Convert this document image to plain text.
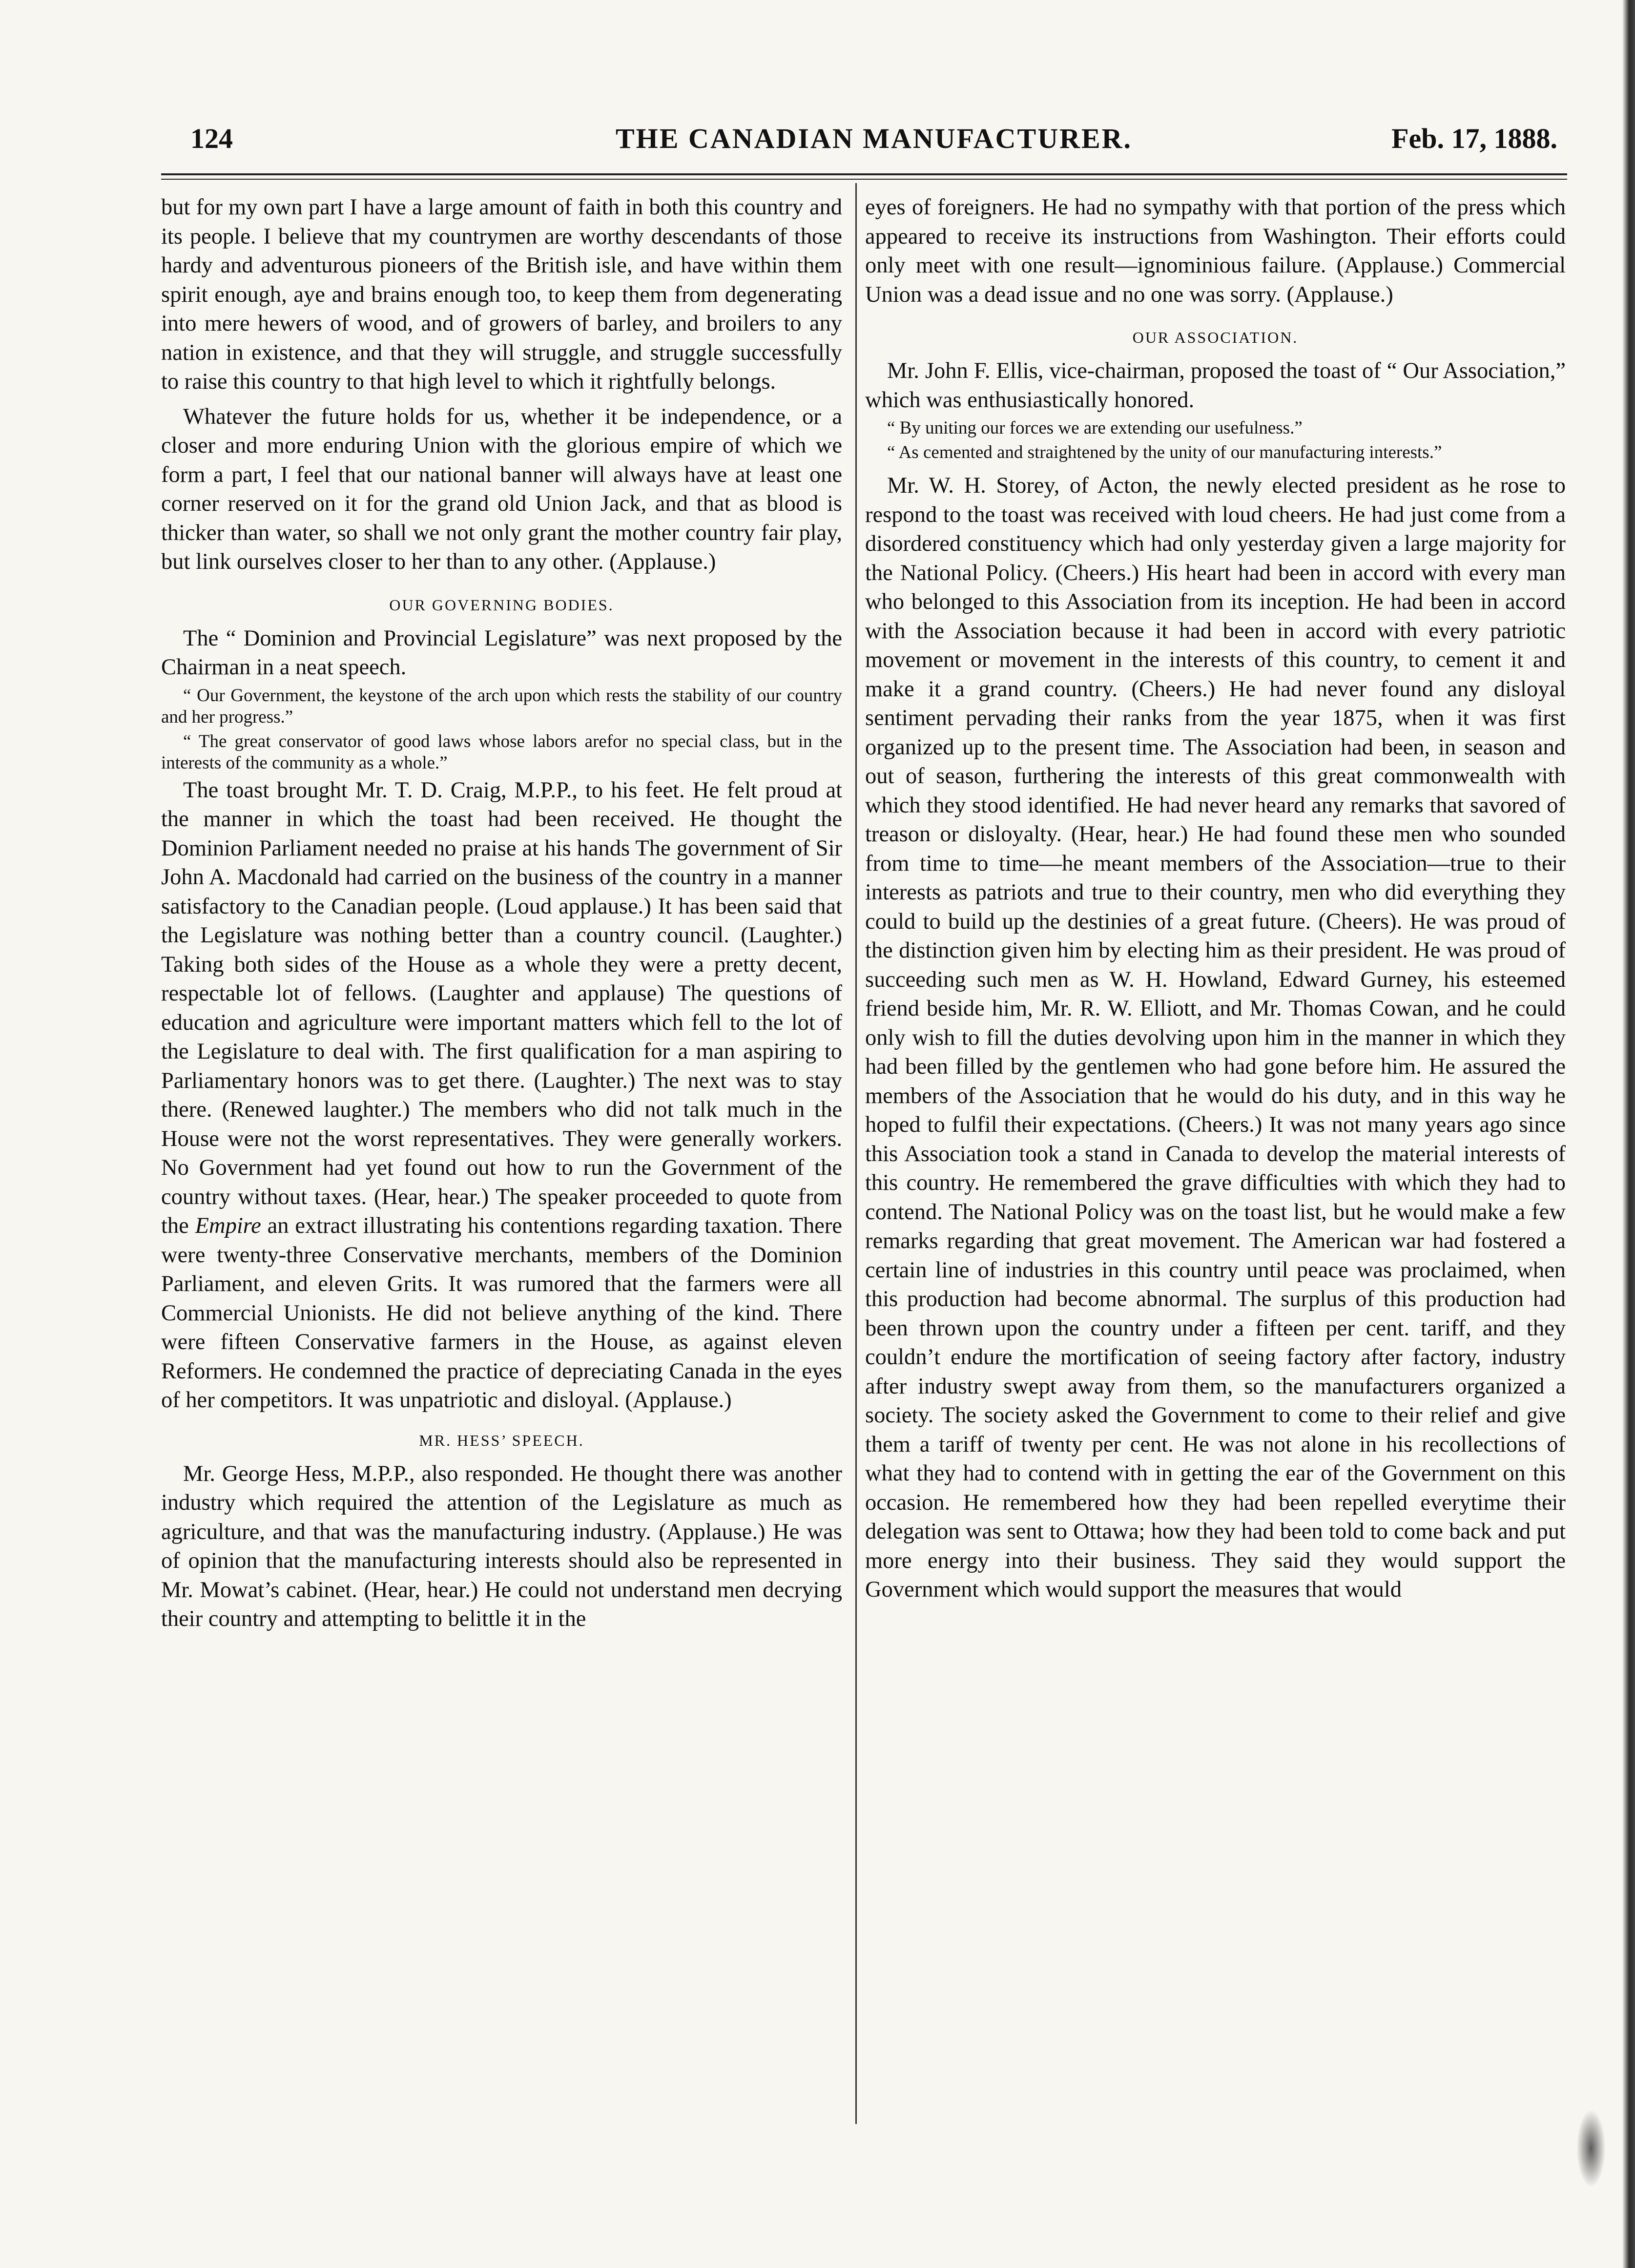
124	THE CANADIAN MANUFACTURER.	Feb. 17, 1888.

but for my own part I have a large amount of faith in both this country and its people. I believe that my countrymen are worthy descendants of those hardy and adventurous pioneers of the British isle, and have within them spirit enough, aye and brains enough too, to keep them from degenerating into mere hewers of wood, and of growers of barley, and broilers to any nation in existence, and that they will struggle, and struggle successfully to raise this country to that high level to which it rightfully belongs.

Whatever the future holds for us, whether it be independence, or a closer and more enduring Union with the glorious empire of which we form a part, I feel that our national banner will always have at least one corner reserved on it for the grand old Union Jack, and that as blood is thicker than water, so shall we not only grant the mother country fair play, but link ourselves closer to her than to any other. (Applause.)

OUR GOVERNING BODIES.

The “ Dominion and Provincial Legislature” was next proposed by the Chairman in a neat speech.

“ Our Government, the keystone of the arch upon which rests the stability of our country and her progress.”

“ The great conservator of good laws whose labors arefor no special class, but in the interests of the community as a whole.”

The toast brought Mr. T. D. Craig, M.P.P., to his feet. He felt proud at the manner in which the toast had been received. He thought the Dominion Parliament needed no praise at his hands The government of Sir John A. Macdonald had carried on the business of the country in a manner satisfactory to the Canadian people. (Loud applause.) It has been said that the Legislature was nothing better than a country council. (Laughter.) Taking both sides of the House as a whole they were a pretty decent, respectable lot of fellows. (Laughter and applause) The questions of education and agriculture were important matters which fell to the lot of the Legislature to deal with. The first qualification for a man aspiring to Parliamentary honors was to get there. (Laughter.) The next was to stay there. (Renewed laughter.) The members who did not talk much in the House were not the worst representatives. They were generally workers. No Government had yet found out how to run the Government of the country without taxes. (Hear, hear.) The speaker proceeded to quote from the Empire an extract illustrating his contentions regarding taxation. There were twenty-three Conservative merchants, members of the Dominion Parliament, and eleven Grits. It was rumored that the farmers were all Commercial Unionists. He did not believe anything of the kind. There were fifteen Conservative farmers in the House, as against eleven Reformers. He condemned the practice of depreciating Canada in the eyes of her competitors. It was unpatriotic and disloyal. (Applause.)

MR. HESS’ SPEECH.

Mr. George Hess, M.P.P., also responded. He thought there was another industry which required the attention of the Legislature as much as agriculture, and that was the manufacturing industry. (Applause.) He was of opinion that the manufacturing interests should also be represented in Mr. Mowat’s cabinet. (Hear, hear.) He could not understand men decrying their country and attempting to belittle it in the

eyes of foreigners. He had no sympathy with that portion of the press which appeared to receive its instructions from Washington. Their efforts could only meet with one result—ignominious failure. (Applause.) Commercial Union was a dead issue and no one was sorry. (Applause.)

OUR ASSOCIATION.

Mr. John F. Ellis, vice-chairman, proposed the toast of “ Our Association,” which was enthusiastically honored.

“ By uniting our forces we are extending our usefulness.”

“ As cemented and straightened by the unity of our manufacturing interests.”

Mr. W. H. Storey, of Acton, the newly elected president as he rose to respond to the toast was received with loud cheers. He had just come from a disordered constituency which had only yesterday given a large majority for the National Policy. (Cheers.) His heart had been in accord with every man who belonged to this Association from its inception. He had been in accord with the Association because it had been in accord with every patriotic movement or movement in the interests of this country, to cement it and make it a grand country. (Cheers.) He had never found any disloyal sentiment pervading their ranks from the year 1875, when it was first organized up to the present time. The Association had been, in season and out of season, furthering the interests of this great commonwealth with which they stood identified. He had never heard any remarks that savored of treason or disloyalty. (Hear, hear.) He had found these men who sounded from time to time—he meant members of the Association—true to their interests as patriots and true to their country, men who did everything they could to build up the destinies of a great future. (Cheers). He was proud of the distinction given him by electing him as their president. He was proud of succeeding such men as W. H. Howland, Edward Gurney, his esteemed friend beside him, Mr. R. W. Elliott, and Mr. Thomas Cowan, and he could only wish to fill the duties devolving upon him in the manner in which they had been filled by the gentlemen who had gone before him. He assured the members of the Association that he would do his duty, and in this way he hoped to fulfil their expectations. (Cheers.) It was not many years ago since this Association took a stand in Canada to develop the material interests of this country. He remembered the grave difficulties with which they had to contend. The National Policy was on the toast list, but he would make a few remarks regarding that great movement. The American war had fostered a certain line of industries in this country until peace was proclaimed, when this production had become abnormal. The surplus of this production had been thrown upon the country under a fifteen per cent. tariff, and they couldn’t endure the mortification of seeing factory after factory, industry after industry swept away from them, so the manufacturers organized a society. The society asked the Government to come to their relief and give them a tariff of twenty per cent. He was not alone in his recollections of what they had to contend with in getting the ear of the Government on this occasion. He remembered how they had been repelled everytime their delegation was sent to Ottawa; how they had been told to come back and put more energy into their business. They said they would support the Government which would support the measures that would
